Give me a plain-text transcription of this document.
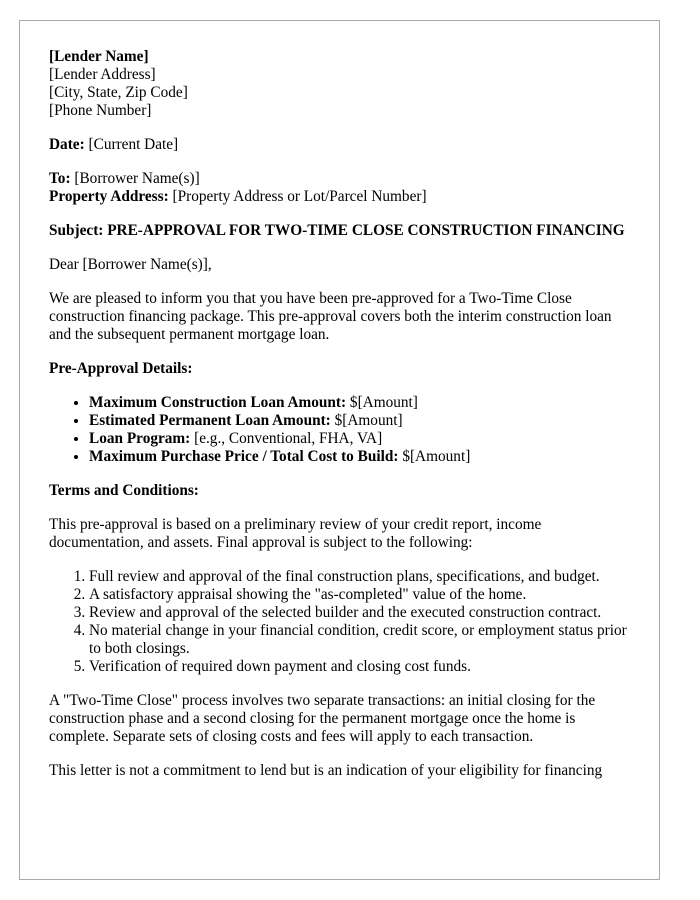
[Lender Name]
[Lender Address]
[City, State, Zip Code]
[Phone Number]

Date: [Current Date]

To: [Borrower Name(s)]
Property Address: [Property Address or Lot/Parcel Number]

Subject: PRE-APPROVAL FOR TWO-TIME CLOSE CONSTRUCTION FINANCING

Dear [Borrower Name(s)],

We are pleased to inform you that you have been pre-approved for a Two-Time Close construction financing package. This pre-approval covers both the interim construction loan and the subsequent permanent mortgage loan.

Pre-Approval Details:

• Maximum Construction Loan Amount: $[Amount]
• Estimated Permanent Loan Amount: $[Amount]
• Loan Program: [e.g., Conventional, FHA, VA]
• Maximum Purchase Price / Total Cost to Build: $[Amount]

Terms and Conditions:

This pre-approval is based on a preliminary review of your credit report, income documentation, and assets. Final approval is subject to the following:

1. Full review and approval of the final construction plans, specifications, and budget.
2. A satisfactory appraisal showing the "as-completed" value of the home.
3. Review and approval of the selected builder and the executed construction contract.
4. No material change in your financial condition, credit score, or employment status prior to both closings.
5. Verification of required down payment and closing cost funds.

A "Two-Time Close" process involves two separate transactions: an initial closing for the construction phase and a second closing for the permanent mortgage once the home is complete. Separate sets of closing costs and fees will apply to each transaction.

This letter is not a commitment to lend but is an indication of your eligibility for financing
